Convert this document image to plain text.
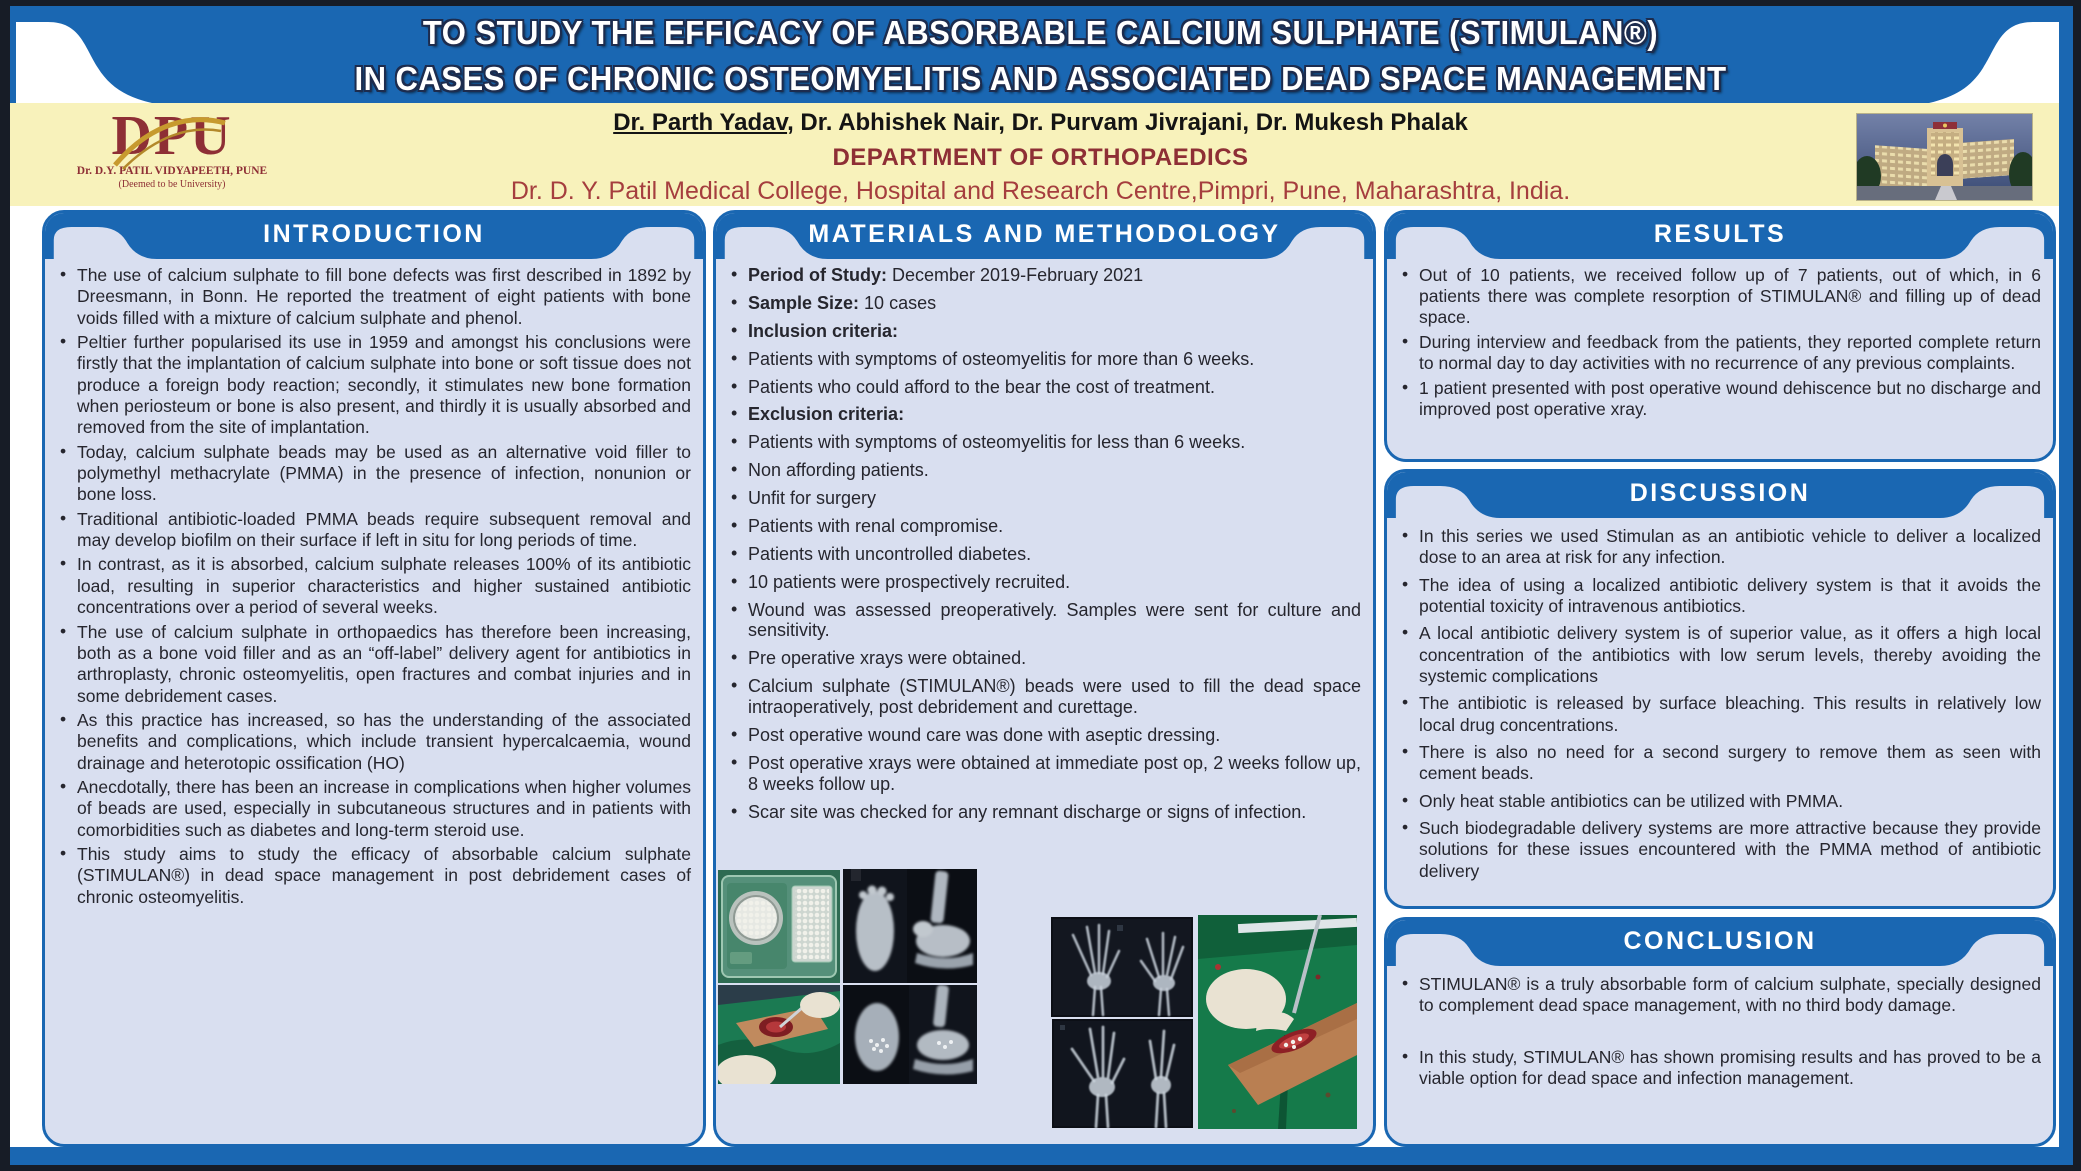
TO STUDY THE EFFICACY OF ABSORBABLE CALCIUM SULPHATE (STIMULAN®)
IN CASES OF CHRONIC OSTEOMYELITIS AND ASSOCIATED DEAD SPACE MANAGEMENT
DPU
Dr. D.Y. PATIL VIDYAPEETH, PUNE
(Deemed to be University)
Dr. Parth Yadav, Dr. Abhishek Nair, Dr. Purvam Jivrajani, Dr. Mukesh Phalak
DEPARTMENT OF ORTHOPAEDICS
Dr. D. Y. Patil Medical College, Hospital and Research Centre,Pimpri, Pune, Maharashtra, India.
INTRODUCTION
• The use of calcium sulphate to fill bone defects was first described in 1892 by Dreesmann, in Bonn. He reported the treatment of eight patients with bone voids filled with a mixture of calcium sulphate and phenol.
• Peltier further popularised its use in 1959 and amongst his conclusions were firstly that the implantation of calcium sulphate into bone or soft tissue does not produce a foreign body reaction; secondly, it stimulates new bone formation when periosteum or bone is also present, and thirdly it is usually absorbed and removed from the site of implantation.
• Today, calcium sulphate beads may be used as an alternative void filler to polymethyl methacrylate (PMMA) in the presence of infection, nonunion or bone loss.
• Traditional antibiotic-loaded PMMA beads require subsequent removal and may develop biofilm on their surface if left in situ for long periods of time.
• In contrast, as it is absorbed, calcium sulphate releases 100% of its antibiotic load, resulting in superior characteristics and higher sustained antibiotic concentrations over a period of several weeks.
• The use of calcium sulphate in orthopaedics has therefore been increasing, both as a bone void filler and as an “off-label” delivery agent for antibiotics in arthroplasty, chronic osteomyelitis, open fractures and combat injuries and in some debridement cases.
• As this practice has increased, so has the understanding of the associated benefits and complications, which include transient hypercalcaemia, wound drainage and heterotopic ossification (HO)
• Anecdotally, there has been an increase in complications when higher volumes of beads are used, especially in subcutaneous structures and in patients with comorbidities such as diabetes and long-term steroid use.
• This study aims to study the efficacy of absorbable calcium sulphate (STIMULAN®) in dead space management in post debridement cases of chronic osteomyelitis.
MATERIALS AND METHODOLOGY
• Period of Study: December 2019-February 2021
• Sample Size: 10 cases
• Inclusion criteria:
• Patients with symptoms of osteomyelitis for more than 6 weeks.
• Patients who could afford to the bear the cost of treatment.
• Exclusion criteria:
• Patients with symptoms of osteomyelitis for less than 6 weeks.
• Non affording patients.
• Unfit for surgery
• Patients with renal compromise.
• Patients with uncontrolled diabetes.
• 10 patients were prospectively recruited.
• Wound was assessed preoperatively. Samples were sent for culture and sensitivity.
• Pre operative xrays were obtained.
• Calcium sulphate (STIMULAN®) beads were used to fill the dead space intraoperatively, post debridement and curettage.
• Post operative wound care was done with aseptic dressing.
• Post operative xrays were obtained at immediate post op, 2 weeks follow up, 8 weeks follow up.
• Scar site was checked for any remnant discharge or signs of infection.
RESULTS
• Out of 10 patients, we received follow up of 7 patients, out of which, in 6 patients there was complete resorption of STIMULAN® and filling up of dead space.
• During interview and feedback from the patients, they reported complete return to normal day to day activities with no recurrence of any previous complaints.
• 1 patient presented with post operative wound dehiscence but no discharge and improved post operative xray.
DISCUSSION
• In this series we used Stimulan as an antibiotic vehicle to deliver a localized dose to an area at risk for any infection.
• The idea of using a localized antibiotic delivery system is that it avoids the potential toxicity of intravenous antibiotics.
• A local antibiotic delivery system is of superior value, as it offers a high local concentration of the antibiotics with low serum levels, thereby avoiding the systemic complications
• The antibiotic is released by surface bleaching. This results in relatively low local drug concentrations.
• There is also no need for a second surgery to remove them as seen with cement beads.
• Only heat stable antibiotics can be utilized with PMMA.
• Such biodegradable delivery systems are more attractive because they provide solutions for these issues encountered with the PMMA method of antibiotic delivery
CONCLUSION
• STIMULAN® is a truly absorbable form of calcium sulphate, specially designed to complement dead space management, with no third body damage.
• In this study, STIMULAN® has shown promising results and has proved to be a viable option for dead space and infection management.
